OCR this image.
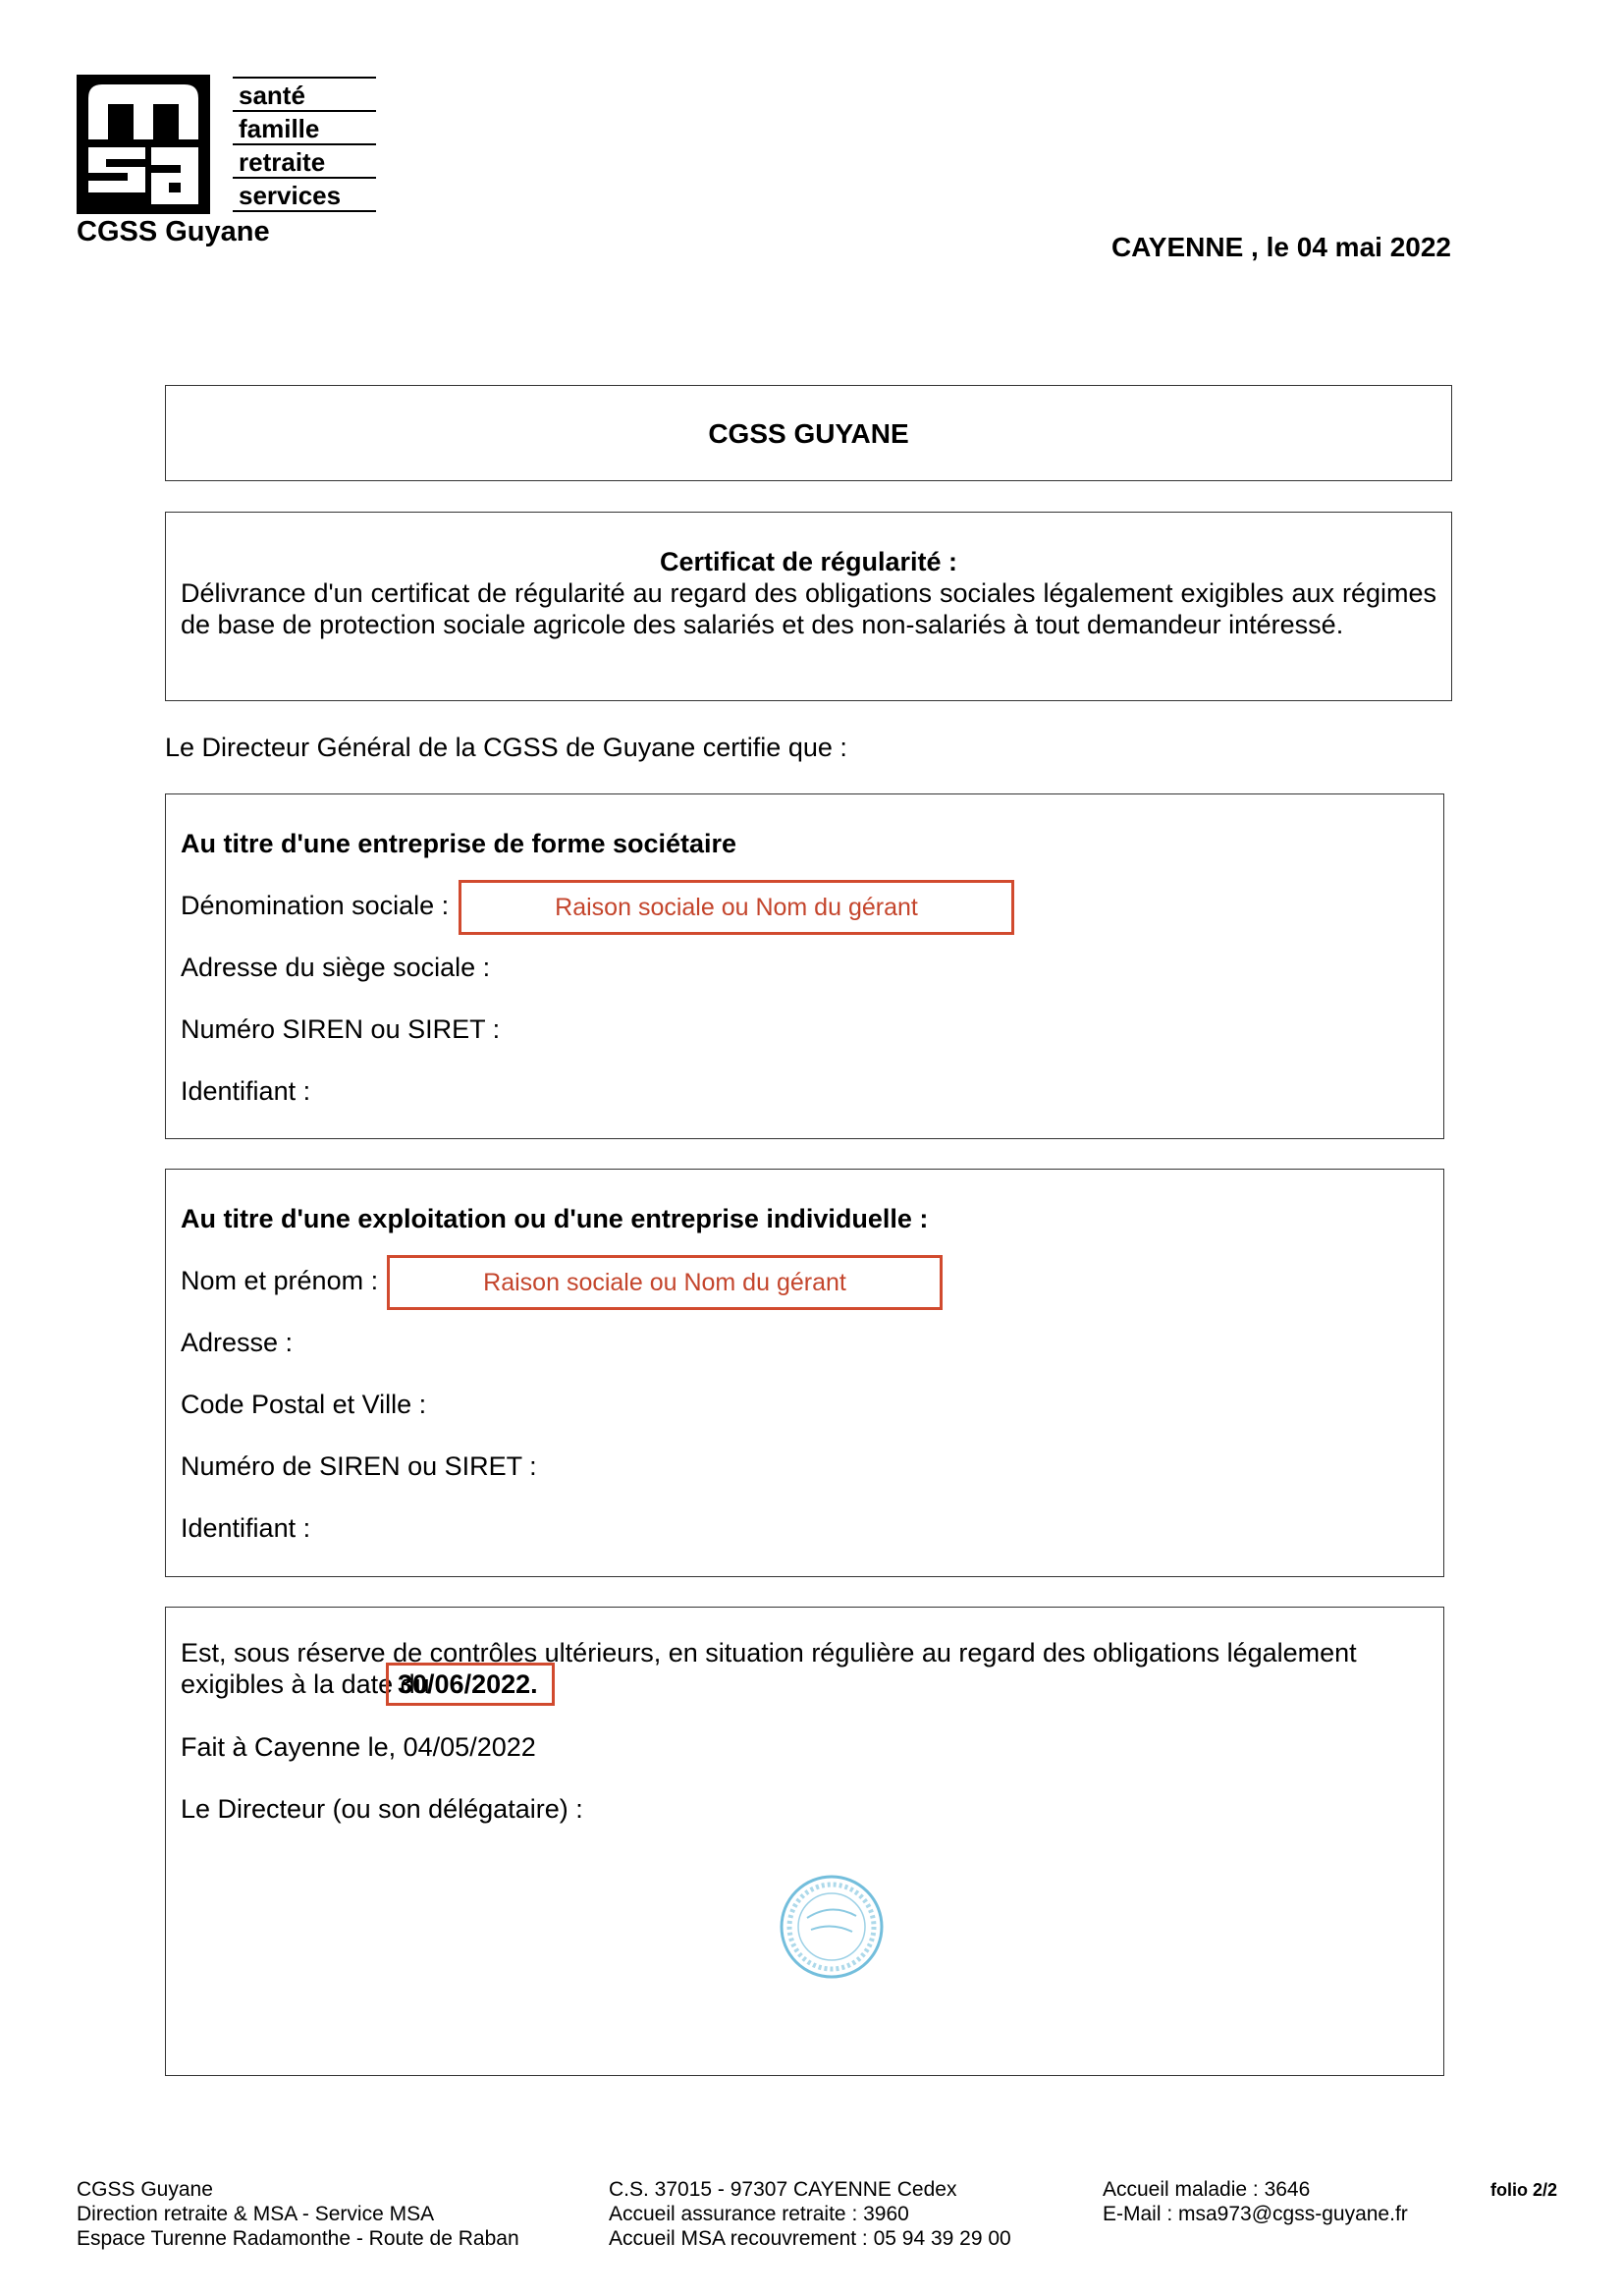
santé
famille
retraite
services
CGSS Guyane	CAYENNE , le 04 mai 2022
CGSS GUYANE
Certificat de régularité :
Délivrance d'un certificat de régularité au regard des obligations sociales légalement exigibles aux régimes de base de protection sociale agricole des salariés et des non-salariés à tout demandeur intéressé.
Le Directeur Général de la CGSS de Guyane certifie que :
Au titre d'une entreprise de forme sociétaire
Dénomination sociale :	Raison sociale ou Nom du gérant
Adresse du siège sociale :
Numéro SIREN ou SIRET :
Identifiant :
Au titre d'une exploitation ou d'une entreprise individuelle :
Nom et prénom :	Raison sociale ou Nom du gérant
Adresse :
Code Postal et Ville :
Numéro de SIREN ou SIRET :
Identifiant :
Est, sous réserve de contrôles ultérieurs, en situation régulière au regard des obligations légalement
exigibles à la date du
30/06/2022.
Fait à Cayenne le, 04/05/2022
Le Directeur (ou son délégataire) :
CGSS Guyane
Direction retraite & MSA - Service MSA
Espace Turenne Radamonthe - Route de Raban
C.S. 37015 - 97307 CAYENNE Cedex
Accueil assurance retraite : 3960
Accueil MSA recouvrement : 05 94 39 29 00
Accueil maladie : 3646
E-Mail : msa973@cgss-guyane.fr
folio 2/2
